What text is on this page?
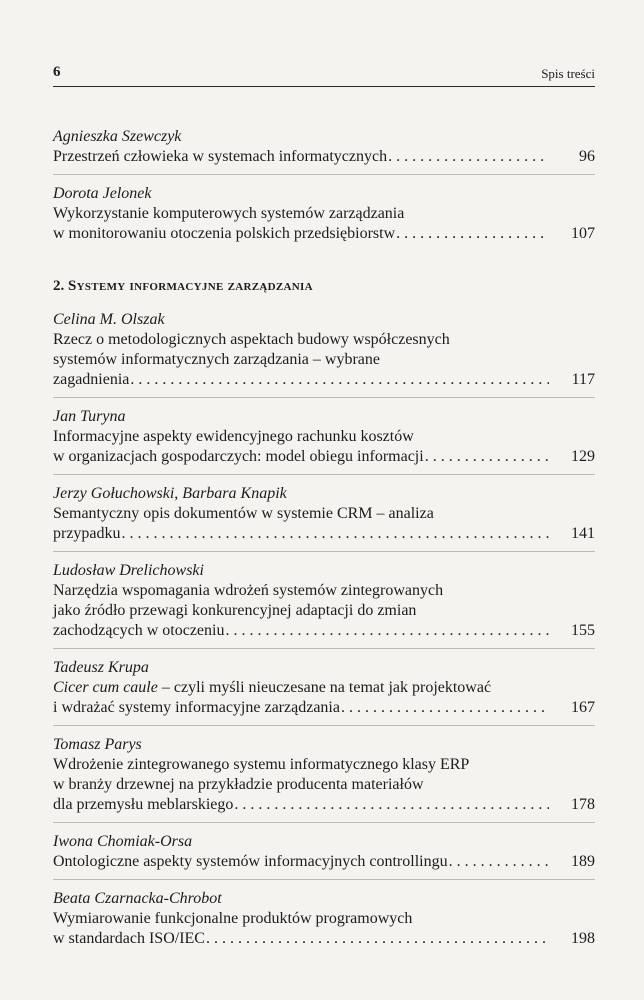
6	Spis treści
Agnieszka Szewczyk
Przestrzeń człowieka w systemach informatycznych . . .	96
Dorota Jelonek
Wykorzystanie komputerowych systemów zarządzania
w monitorowaniu otoczenia polskich przedsiębiorstw . . .	107
2. Systemy informacyjne zarządzania
Celina M. Olszak
Rzecz o metodologicznych aspektach budowy współczesnych
systemów informatycznych zarządzania – wybrane
zagadnienia . . .	117
Jan Turyna
Informacyjne aspekty ewidencyjnego rachunku kosztów
w organizacjach gospodarczych: model obiegu informacji . . .	129
Jerzy Gołuchowski, Barbara Knapik
Semantyczny opis dokumentów w systemie CRM – analiza
przypadku . . .	141
Ludosław Drelichowski
Narzędzia wspomagania wdrożeń systemów zintegrowanych
jako źródło przewagi konkurencyjnej adaptacji do zmian
zachodzących w otoczeniu . . .	155
Tadeusz Krupa
Cicer cum caule – czyli myśli nieuczesane na temat jak projektować
i wdrażać systemy informacyjne zarządzania . . .	167
Tomasz Parys
Wdrożenie zintegrowanego systemu informatycznego klasy ERP
w branży drzewnej na przykładzie producenta materiałów
dla przemysłu meblarskiego . . .	178
Iwona Chomiak-Orsa
Ontologiczne aspekty systemów informacyjnych controllingu . . .	189
Beata Czarnacka-Chrobot
Wymiarowanie funkcjonalne produktów programowych
w standardach ISO/IEC . . .	198
